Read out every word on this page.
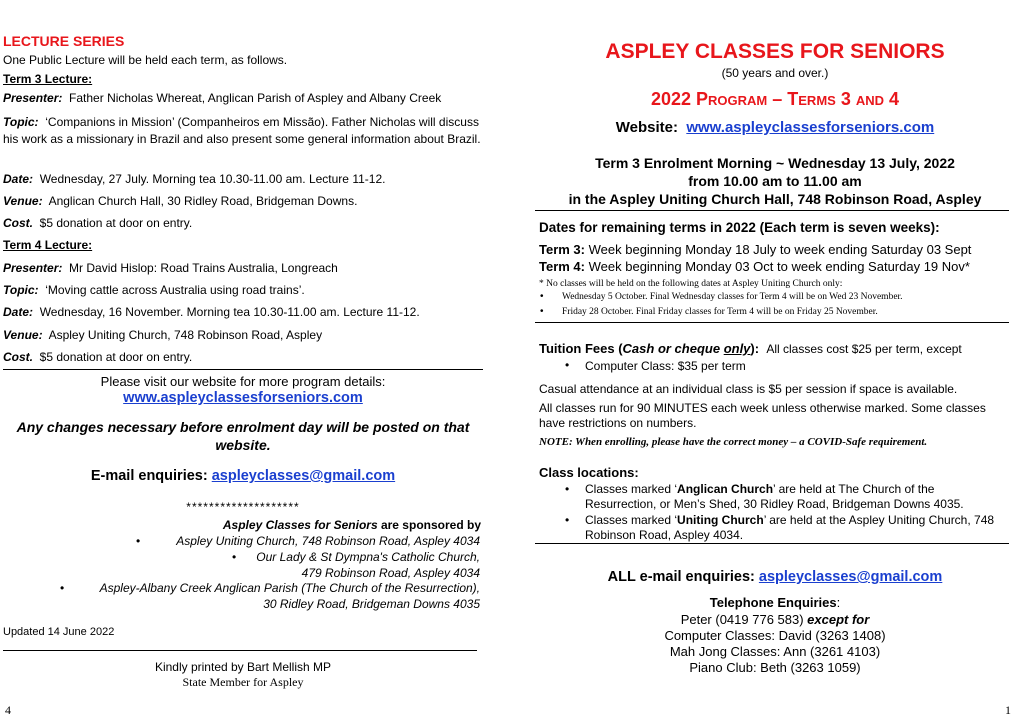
LECTURE SERIES

One Public Lecture will be held each term, as follows.

Term 3 Lecture:

Presenter: Father Nicholas Whereat, Anglican Parish of Aspley and Albany Creek

Topic: ‘Companions in Mission’ (Companheiros em Missão). Father Nicholas will discuss his work as a missionary in Brazil and also present some general information about Brazil.

Date: Wednesday, 27 July. Morning tea 10.30-11.00 am. Lecture 11-12.

Venue: Anglican Church Hall, 30 Ridley Road, Bridgeman Downs.

Cost. $5 donation at door on entry.

Term 4 Lecture:

Presenter: Mr David Hislop: Road Trains Australia, Longreach

Topic: ‘Moving cattle across Australia using road trains’.

Date: Wednesday, 16 November. Morning tea 10.30-11.00 am. Lecture 11-12.

Venue: Aspley Uniting Church, 748 Robinson Road, Aspley

Cost. $5 donation at door on entry.

Please visit our website for more program details:

www.aspleyclassesforseniors.com

Any changes necessary before enrolment day will be posted on that website.

E-mail enquiries: aspleyclasses@gmail.com

********************

Aspley Classes for Seniors are sponsored by

•	Aspley Uniting Church, 748 Robinson Road, Aspley 4034

• Our Lady & St Dympna's Catholic Church,

479 Robinson Road, Aspley 4034

•	Aspley-Albany Creek Anglican Parish (The Church of the Resurrection),

30 Ridley Road, Bridgeman Downs 4035

Updated 14 June 2022

Kindly printed by Bart Mellish MP

State Member for Aspley

4

ASPLEY CLASSES FOR SENIORS

(50 years and over.)

2022 Program – Terms 3 and 4

Website: www.aspleyclassesforseniors.com

Term 3 Enrolment Morning ~ Wednesday 13 July, 2022

from 10.00 am to 11.00 am

in the Aspley Uniting Church Hall, 748 Robinson Road, Aspley

Dates for remaining terms in 2022 (Each term is seven weeks):

Term 3: Week beginning Monday 18 July to week ending Saturday 03 Sept

Term 4: Week beginning Monday 03 Oct to week ending Saturday 19 Nov*

* No classes will be held on the following dates at Aspley Uniting Church only:

• Wednesday 5 October. Final Wednesday classes for Term 4 will be on Wed 23 November.

• Friday 28 October. Final Friday classes for Term 4 will be on Friday 25 November.

Tuition Fees (Cash or cheque only): All classes cost $25 per term, except

• Computer Class: $35 per term

Casual attendance at an individual class is $5 per session if space is available.

All classes run for 90 MINUTES each week unless otherwise marked. Some classes have restrictions on numbers.

NOTE: When enrolling, please have the correct money – a COVID-Safe requirement.

Class locations:

• Classes marked ‘Anglican Church’ are held at The Church of the Resurrection, or Men’s Shed, 30 Ridley Road, Bridgeman Downs 4035.

• Classes marked ‘Uniting Church’ are held at the Aspley Uniting Church, 748 Robinson Road, Aspley 4034.

ALL e-mail enquiries: aspleyclasses@gmail.com

Telephone Enquiries:

Peter (0419 776 583) except for

Computer Classes: David (3263 1408)

Mah Jong Classes: Ann (3261 4103)

Piano Club: Beth (3263 1059)

1
